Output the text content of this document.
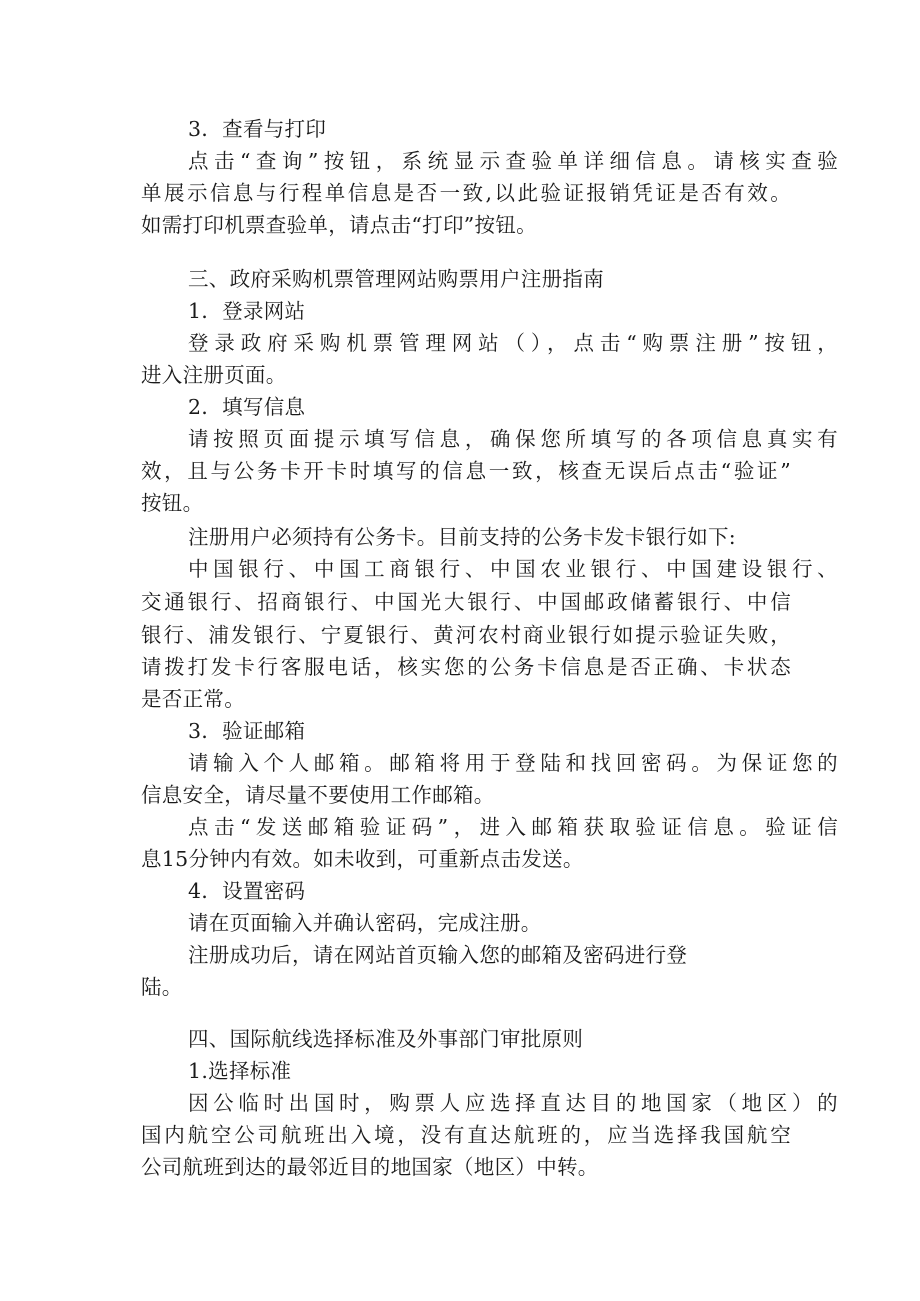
3．查看与打印
点击“查询”按钮，系统显示查验单详细信息。请核实查验
单展示信息与行程单信息是否一致,以此验证报销凭证是否有效。
如需打印机票查验单，请点击“打印”按钮。
三、政府采购机票管理网站购票用户注册指南
1．登录网站
登录政府采购机票管理网站（），点击“购票注册”按钮，
进入注册页面。
2．填写信息
请按照页面提示填写信息，确保您所填写的各项信息真实有
效，且与公务卡开卡时填写的信息一致，核查无误后点击“验证”
按钮。
注册用户必须持有公务卡。目前支持的公务卡发卡银行如下:
中国银行、中国工商银行、中国农业银行、中国建设银行、
交通银行、招商银行、中国光大银行、中国邮政储蓄银行、中信
银行、浦发银行、宁夏银行、黄河农村商业银行如提示验证失败，
请拨打发卡行客服电话，核实您的公务卡信息是否正确、卡状态
是否正常。
3．验证邮箱
请输入个人邮箱。邮箱将用于登陆和找回密码。为保证您的
信息安全，请尽量不要使用工作邮箱。
点击“发送邮箱验证码”，进入邮箱获取验证信息。验证信
息15分钟内有效。如未收到，可重新点击发送。
4．设置密码
请在页面输入并确认密码，完成注册。
注册成功后，请在网站首页输入您的邮箱及密码进行登
陆。
四、国际航线选择标准及外事部门审批原则
1.选择标准
因公临时出国时，购票人应选择直达目的地国家（地区）的
国内航空公司航班出入境，没有直达航班的，应当选择我国航空
公司航班到达的最邻近目的地国家（地区）中转。
